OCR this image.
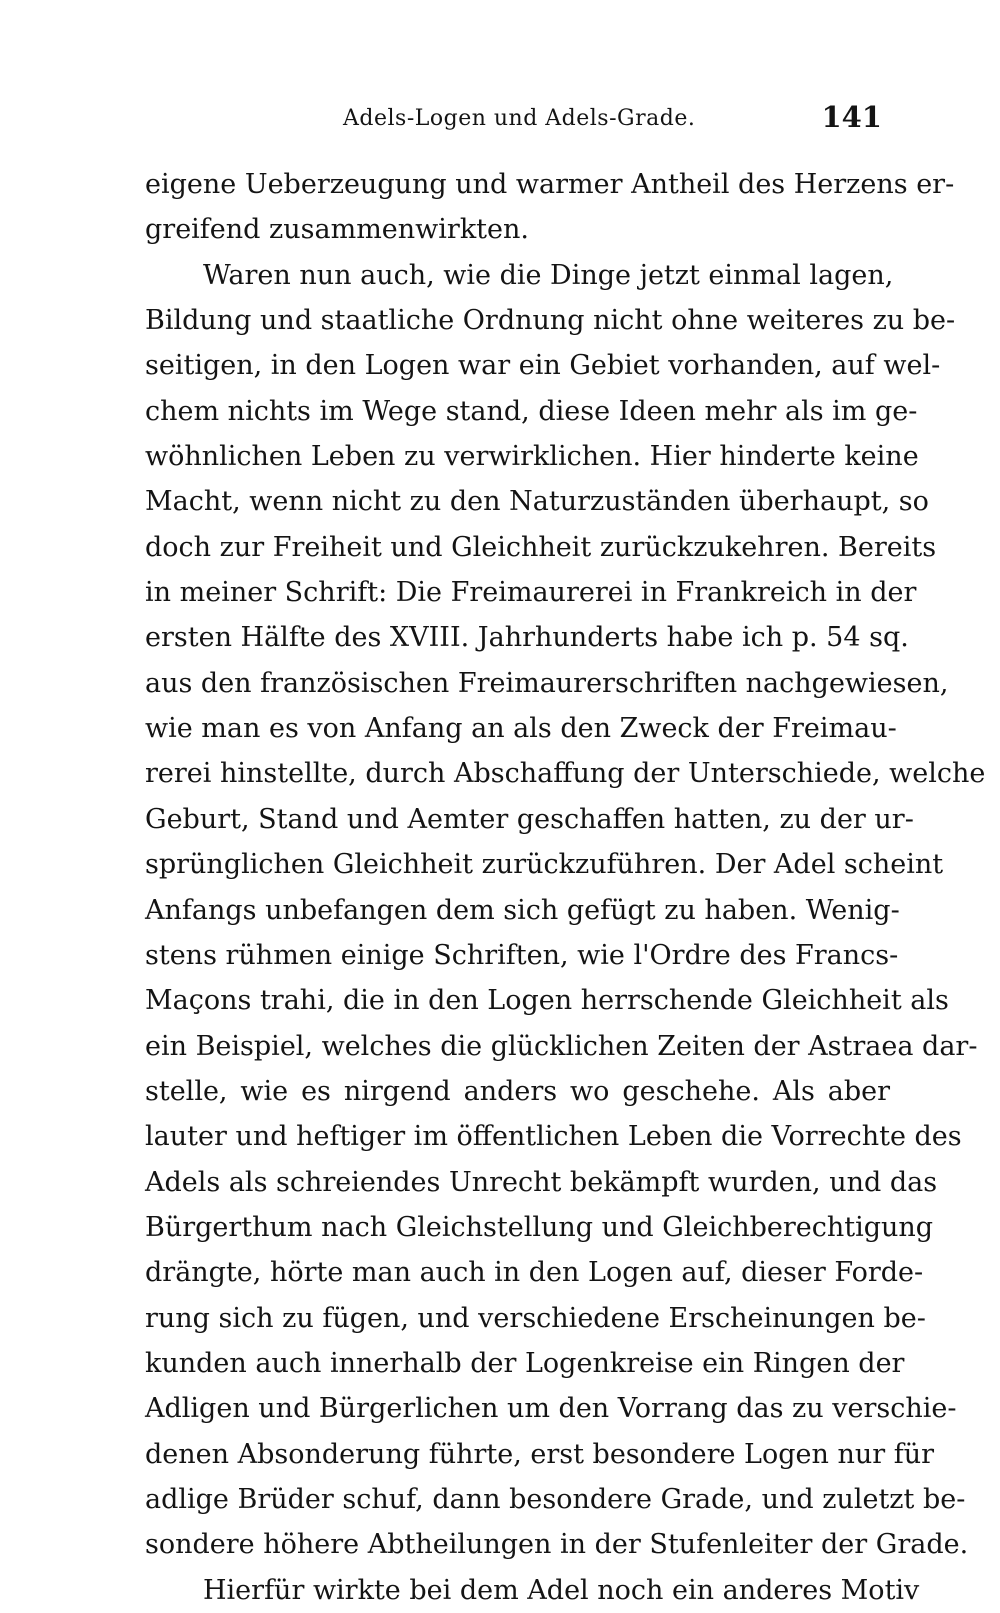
Adels-Logen und Adels-Grade.	141
eigene Ueberzeugung und warmer Antheil des Herzens er-
greifend zusammenwirkten.
Waren nun auch, wie die Dinge jetzt einmal lagen,
Bildung und staatliche Ordnung nicht ohne weiteres zu be-
seitigen, in den Logen war ein Gebiet vorhanden, auf wel-
chem nichts im Wege stand, diese Ideen mehr als im ge-
wöhnlichen Leben zu verwirklichen. Hier hinderte keine
Macht, wenn nicht zu den Naturzuständen überhaupt, so
doch zur Freiheit und Gleichheit zurückzukehren. Bereits
in meiner Schrift: Die Freimaurerei in Frankreich in der
ersten Hälfte des XVIII. Jahrhunderts habe ich p. 54 sq.
aus den französischen Freimaurerschriften nachgewiesen,
wie man es von Anfang an als den Zweck der Freimau-
rerei hinstellte, durch Abschaffung der Unterschiede, welche
Geburt, Stand und Aemter geschaffen hatten, zu der ur-
sprünglichen Gleichheit zurückzuführen. Der Adel scheint
Anfangs unbefangen dem sich gefügt zu haben. Wenig-
stens rühmen einige Schriften, wie l'Ordre des Francs-
Maçons trahi, die in den Logen herrschende Gleichheit als
ein Beispiel, welches die glücklichen Zeiten der Astraea dar-
stelle, wie es nirgend anders wo geschehe. Als aber
lauter und heftiger im öffentlichen Leben die Vorrechte des
Adels als schreiendes Unrecht bekämpft wurden, und das
Bürgerthum nach Gleichstellung und Gleichberechtigung
drängte, hörte man auch in den Logen auf, dieser Forde-
rung sich zu fügen, und verschiedene Erscheinungen be-
kunden auch innerhalb der Logenkreise ein Ringen der
Adligen und Bürgerlichen um den Vorrang das zu verschie-
denen Absonderung führte, erst besondere Logen nur für
adlige Brüder schuf, dann besondere Grade, und zuletzt be-
sondere höhere Abtheilungen in der Stufenleiter der Grade.
Hierfür wirkte bei dem Adel noch ein anderes Motiv
